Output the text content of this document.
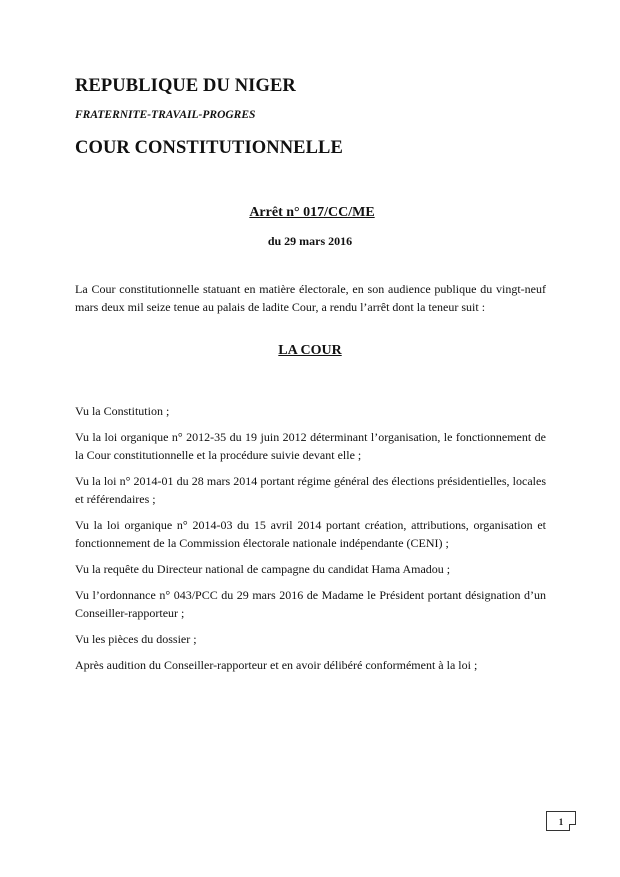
REPUBLIQUE DU NIGER
FRATERNITE-TRAVAIL-PROGRES
COUR CONSTITUTIONNELLE
Arrêt n° 017/CC/ME
du 29 mars 2016
La Cour constitutionnelle statuant en matière électorale, en son audience publique du vingt-neuf mars deux mil seize tenue au palais de ladite Cour, a rendu l’arrêt dont la teneur suit :
LA COUR
Vu la Constitution ;
Vu la loi organique n° 2012-35 du 19 juin 2012 déterminant l’organisation, le fonctionnement de la Cour constitutionnelle et la procédure suivie devant elle ;
Vu la loi n° 2014-01 du 28 mars 2014 portant régime général des élections présidentielles, locales et référendaires ;
Vu la loi organique n° 2014-03 du 15 avril 2014 portant création, attributions, organisation et fonctionnement de la Commission électorale nationale indépendante (CENI) ;
Vu la requête du Directeur national de campagne du candidat Hama Amadou ;
Vu l’ordonnance n° 043/PCC du 29 mars 2016 de Madame le Président portant désignation d’un Conseiller-rapporteur ;
Vu les pièces du dossier ;
Après audition du Conseiller-rapporteur et en avoir délibéré conformément à la loi ;
1
